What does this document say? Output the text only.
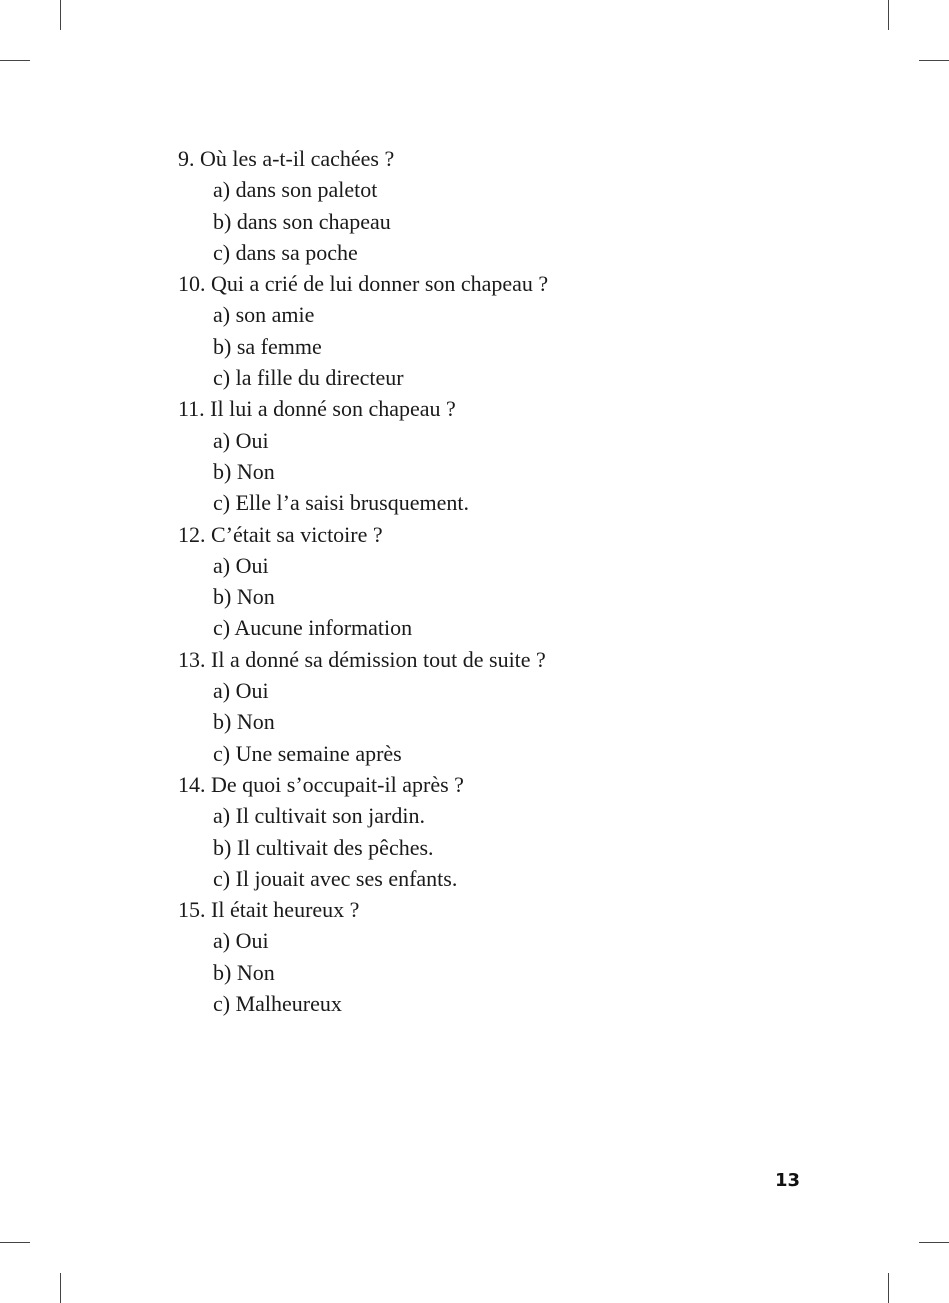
9. Où les a-t-il cachées ?
a) dans son paletot
b) dans son chapeau
c) dans sa poche
10. Qui a crié de lui donner son chapeau ?
a) son amie
b) sa femme
c) la fille du directeur
11. Il lui a donné son chapeau ?
a) Oui
b) Non
c) Elle l’a saisi brusquement.
12. C’était sa victoire ?
a) Oui
b) Non
c) Aucune information
13. Il a donné sa démission tout de suite ?
a) Oui
b) Non
c) Une semaine après
14. De quoi s’occupait-il après ?
a) Il cultivait son jardin.
b) Il cultivait des pêches.
c) Il jouait avec ses enfants.
15. Il était heureux ?
a) Oui
b) Non
c) Malheureux
13
